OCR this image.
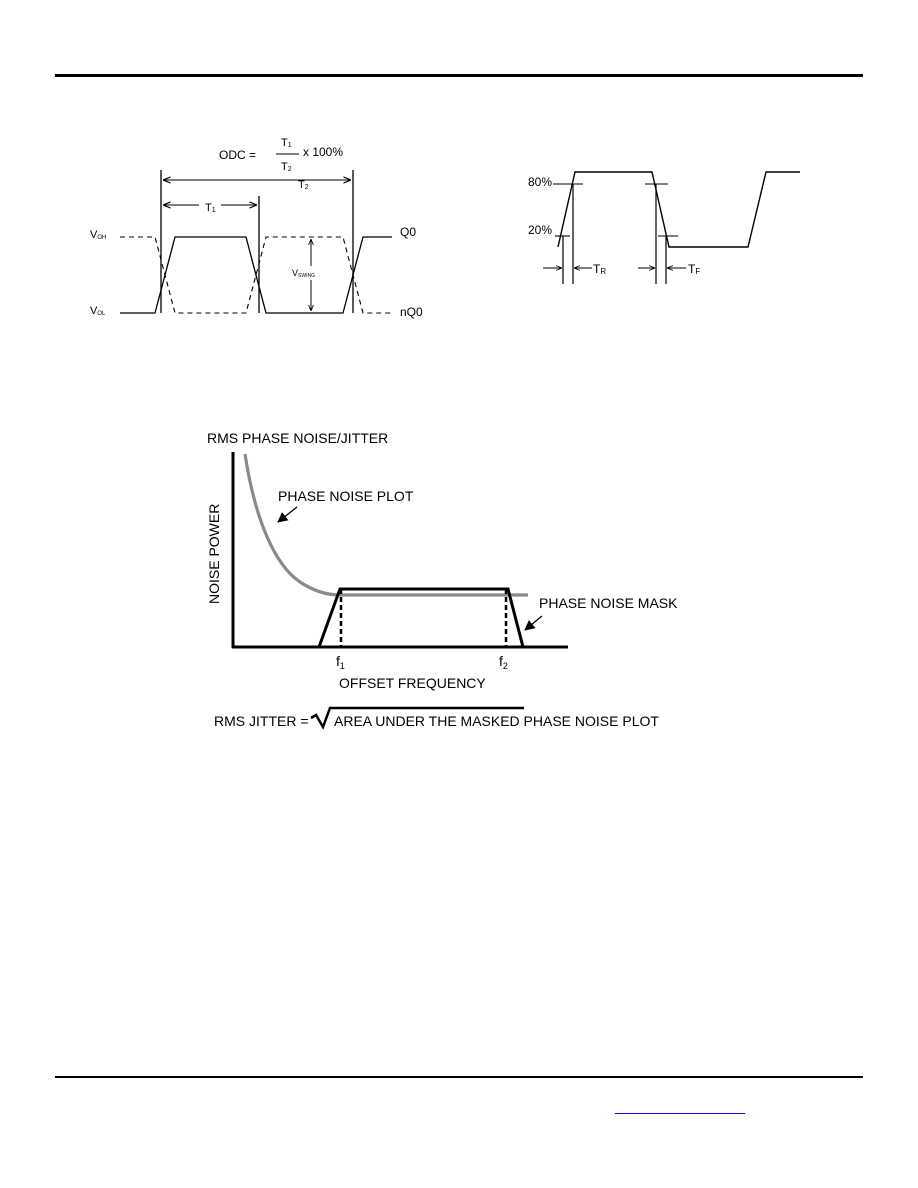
ODC =
T1
T2
x 100%
T2
T1
VSWING
VOH
VOL
Q0
nQ0
80%
20%
TR	TF
RMS PHASE NOISE/JITTER
NOISE POWER
OFFSET FREQUENCY
$f_1$	$f_2$
PHASE NOISE PLOT
PHASE NOISE MASK
RMS JITTER = AREA UNDER THE MASKED PHASE NOISE PLOT
